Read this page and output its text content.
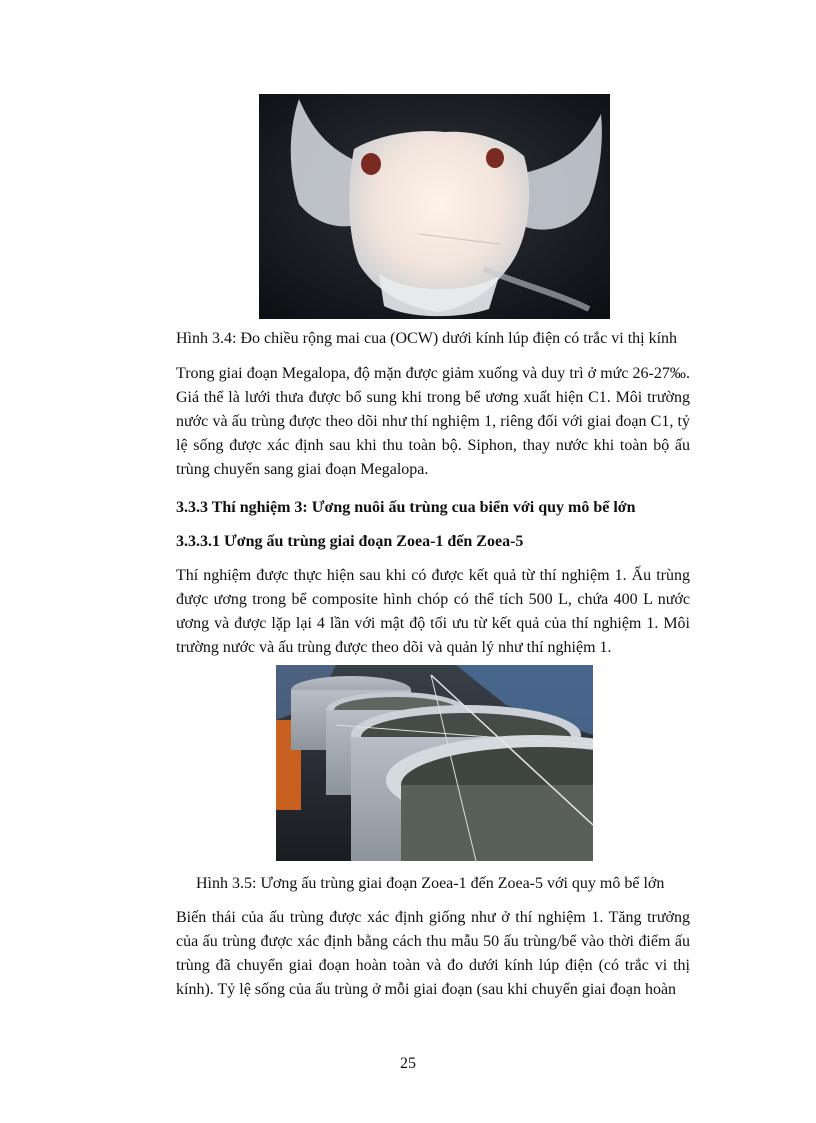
Hình 3.4: Đo chiều rộng mai cua (OCW) dưới kính lúp điện có trắc vi thị kính
Trong giai đoạn Megalopa, độ mặn được giảm xuống và duy trì ở mức 26-27‰. Giá thể là lưới thưa được bổ sung khi trong bể ương xuất hiện C1. Môi trường nước và ấu trùng được theo dõi như thí nghiệm 1, riêng đối với giai đoạn C1, tỷ lệ sống được xác định sau khi thu toàn bộ. Siphon, thay nước khi toàn bộ ấu trùng chuyển sang giai đoạn Megalopa.
3.3.3 Thí nghiệm 3: Ương nuôi ấu trùng cua biển với quy mô bể lớn
3.3.3.1 Ương ấu trùng giai đoạn Zoea-1 đến Zoea-5
Thí nghiệm được thực hiện sau khi có được kết quả từ thí nghiệm 1. Ấu trùng được ương trong bể composite hình chóp có thể tích 500 L, chứa 400 L nước ương và được lặp lại 4 lần với mật độ tối ưu từ kết quả của thí nghiệm 1. Môi trường nước và ấu trùng được theo dõi và quản lý như thí nghiệm 1.
Hình 3.5: Ương ấu trùng giai đoạn Zoea-1 đến Zoea-5 với quy mô bể lớn
Biến thái của ấu trùng được xác định giống như ở thí nghiệm 1. Tăng trưởng của ấu trùng được xác định bằng cách thu mẫu 50 ấu trùng/bể vào thời điểm ấu trùng đã chuyển giai đoạn hoàn toàn và đo dưới kính lúp điện (có trắc vi thị kính). Tỷ lệ sống của ấu trùng ở mỗi giai đoạn (sau khi chuyển giai đoạn hoàn
25
